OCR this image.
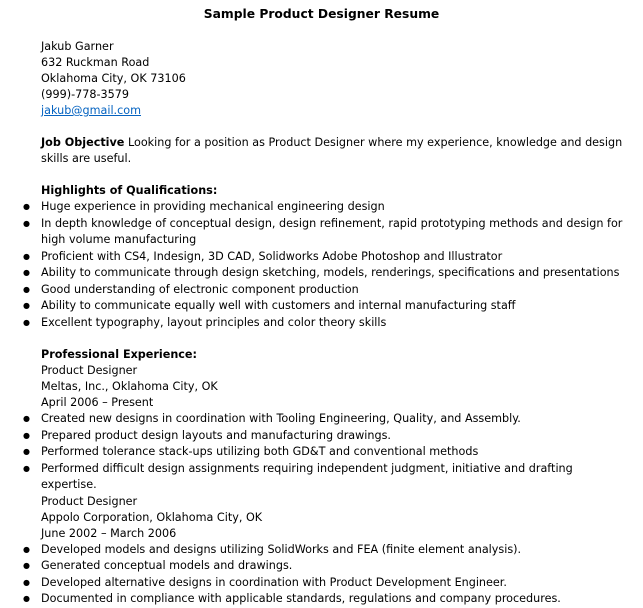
Sample Product Designer Resume
Jakub Garner
632 Ruckman Road
Oklahoma City, OK 73106
(999)-778-3579
jakub@gmail.com
Job Objective Looking for a position as Product Designer where my experience, knowledge and design skills are useful.
Highlights of Qualifications:
● Huge experience in providing mechanical engineering design
● In depth knowledge of conceptual design, design refinement, rapid prototyping methods and design for high volume manufacturing
● Proficient with CS4, Indesign, 3D CAD, Solidworks Adobe Photoshop and Illustrator
● Ability to communicate through design sketching, models, renderings, specifications and presentations
● Good understanding of electronic component production
● Ability to communicate equally well with customers and internal manufacturing staff
● Excellent typography, layout principles and color theory skills
Professional Experience:
Product Designer
Meltas, Inc., Oklahoma City, OK
April 2006 – Present
● Created new designs in coordination with Tooling Engineering, Quality, and Assembly.
● Prepared product design layouts and manufacturing drawings.
● Performed tolerance stack-ups utilizing both GD&T and conventional methods
● Performed difficult design assignments requiring independent judgment, initiative and drafting expertise.
Product Designer
Appolo Corporation, Oklahoma City, OK
June 2002 – March 2006
● Developed models and designs utilizing SolidWorks and FEA (finite element analysis).
● Generated conceptual models and drawings.
● Developed alternative designs in coordination with Product Development Engineer.
● Documented in compliance with applicable standards, regulations and company procedures.
